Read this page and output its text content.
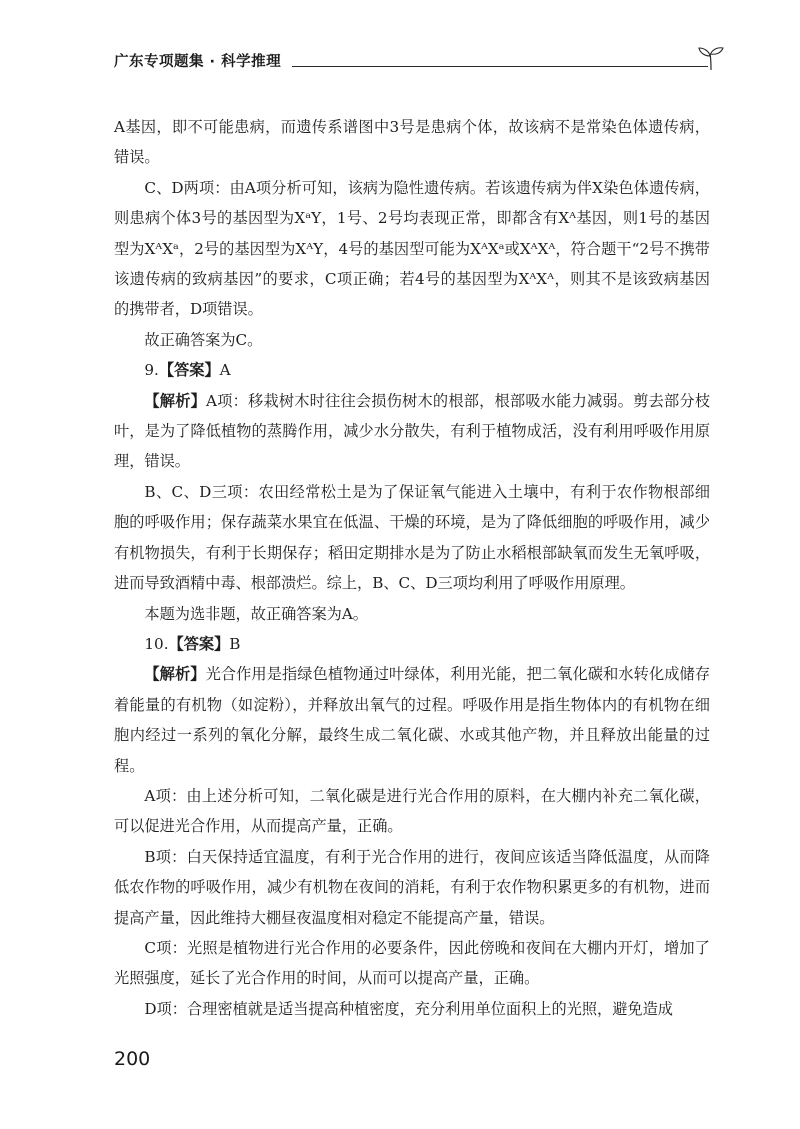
广东专项题集 · 科学推理

A基因，即不可能患病，而遗传系谱图中3号是患病个体，故该病不是常染色体遗传病，错误。

C、D两项：由A项分析可知，该病为隐性遗传病。若该遗传病为伴X染色体遗传病，则患病个体3号的基因型为XᵃY，1号、2号均表现正常，即都含有Xᴬ基因，则1号的基因型为XᴬXᵃ，2号的基因型为XᴬY，4号的基因型可能为XᴬXᵃ或XᴬXᴬ，符合题干“2号不携带该遗传病的致病基因”的要求，C项正确；若4号的基因型为XᴬXᴬ，则其不是该致病基因的携带者，D项错误。

故正确答案为C。

9.【答案】A

【解析】A项：移栽树木时往往会损伤树木的根部，根部吸水能力减弱。剪去部分枝叶，是为了降低植物的蒸腾作用，减少水分散失，有利于植物成活，没有利用呼吸作用原理，错误。

B、C、D三项：农田经常松土是为了保证氧气能进入土壤中，有利于农作物根部细胞的呼吸作用；保存蔬菜水果宜在低温、干燥的环境，是为了降低细胞的呼吸作用，减少有机物损失，有利于长期保存；稻田定期排水是为了防止水稻根部缺氧而发生无氧呼吸，进而导致酒精中毒、根部溃烂。综上，B、C、D三项均利用了呼吸作用原理。

本题为选非题，故正确答案为A。

10.【答案】B

【解析】光合作用是指绿色植物通过叶绿体，利用光能，把二氧化碳和水转化成储存着能量的有机物（如淀粉），并释放出氧气的过程。呼吸作用是指生物体内的有机物在细胞内经过一系列的氧化分解，最终生成二氧化碳、水或其他产物，并且释放出能量的过程。

A项：由上述分析可知，二氧化碳是进行光合作用的原料，在大棚内补充二氧化碳，可以促进光合作用，从而提高产量，正确。

B项：白天保持适宜温度，有利于光合作用的进行，夜间应该适当降低温度，从而降低农作物的呼吸作用，减少有机物在夜间的消耗，有利于农作物积累更多的有机物，进而提高产量，因此维持大棚昼夜温度相对稳定不能提高产量，错误。

C项：光照是植物进行光合作用的必要条件，因此傍晚和夜间在大棚内开灯，增加了光照强度，延长了光合作用的时间，从而可以提高产量，正确。

D项：合理密植就是适当提高种植密度，充分利用单位面积上的光照，避免造成

200
